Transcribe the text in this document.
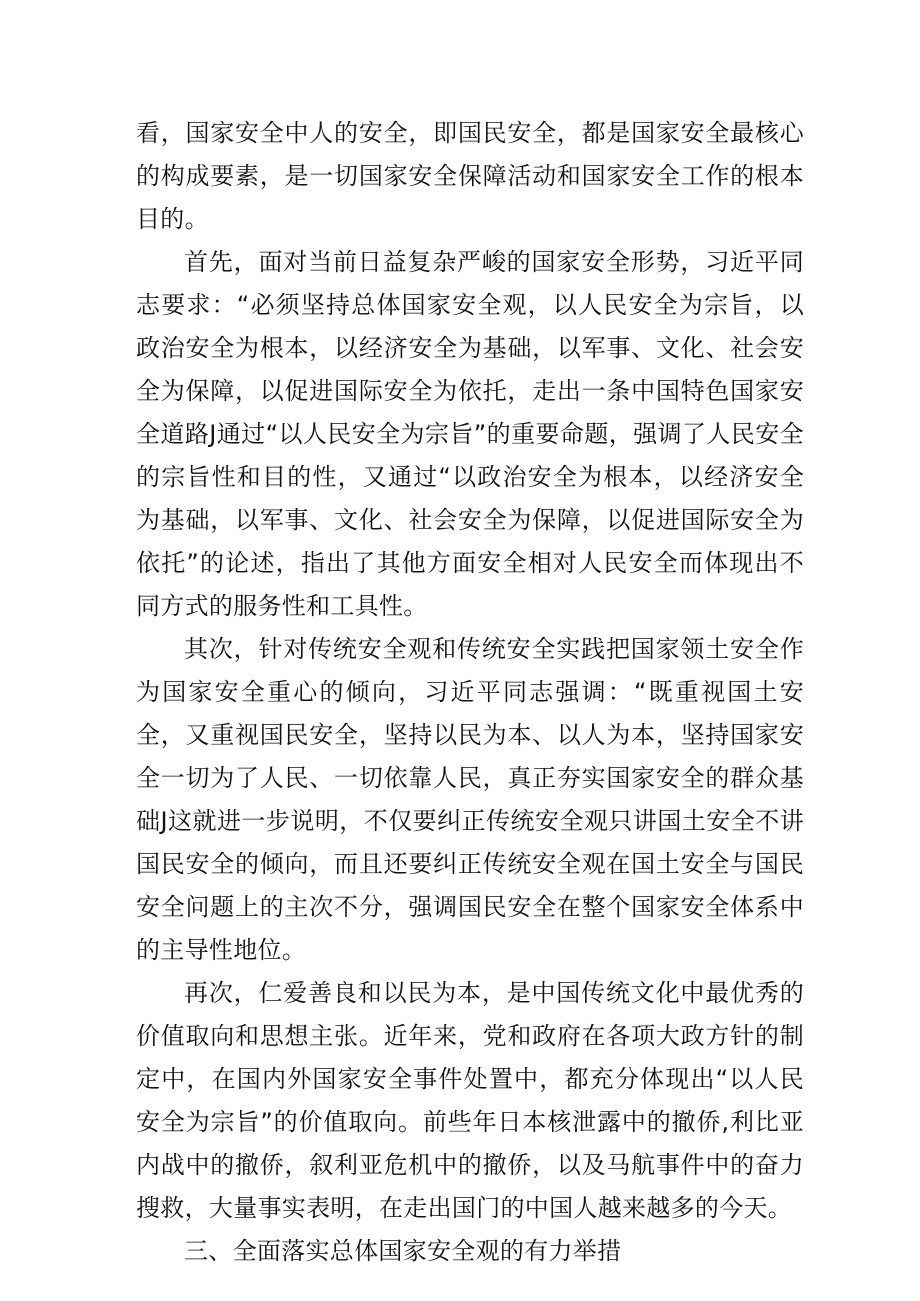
看，国家安全中人的安全，即国民安全，都是国家安全最核心的构成要素，是一切国家安全保障活动和国家安全工作的根本目的。

首先，面对当前日益复杂严峻的国家安全形势，习近平同志要求：“必须坚持总体国家安全观，以人民安全为宗旨，以政治安全为根本，以经济安全为基础，以军事、文化、社会安全为保障，以促进国际安全为依托，走出一条中国特色国家安全道路J通过“以人民安全为宗旨”的重要命题，强调了人民安全的宗旨性和目的性，又通过“以政治安全为根本，以经济安全为基础，以军事、文化、社会安全为保障，以促进国际安全为依托”的论述，指出了其他方面安全相对人民安全而体现出不同方式的服务性和工具性。

其次，针对传统安全观和传统安全实践把国家领土安全作为国家安全重心的倾向，习近平同志强调：“既重视国土安全，又重视国民安全，坚持以民为本、以人为本，坚持国家安全一切为了人民、一切依靠人民，真正夯实国家安全的群众基础J这就进一步说明，不仅要纠正传统安全观只讲国土安全不讲国民安全的倾向，而且还要纠正传统安全观在国土安全与国民安全问题上的主次不分，强调国民安全在整个国家安全体系中的主导性地位。

再次，仁爱善良和以民为本，是中国传统文化中最优秀的价值取向和思想主张。近年来，党和政府在各项大政方针的制定中，在国内外国家安全事件处置中，都充分体现出“以人民安全为宗旨”的价值取向。前些年日本核泄露中的撤侨,利比亚内战中的撤侨，叙利亚危机中的撤侨，以及马航事件中的奋力搜救，大量事实表明，在走出国门的中国人越来越多的今天。

三、全面落实总体国家安全观的有力举措
